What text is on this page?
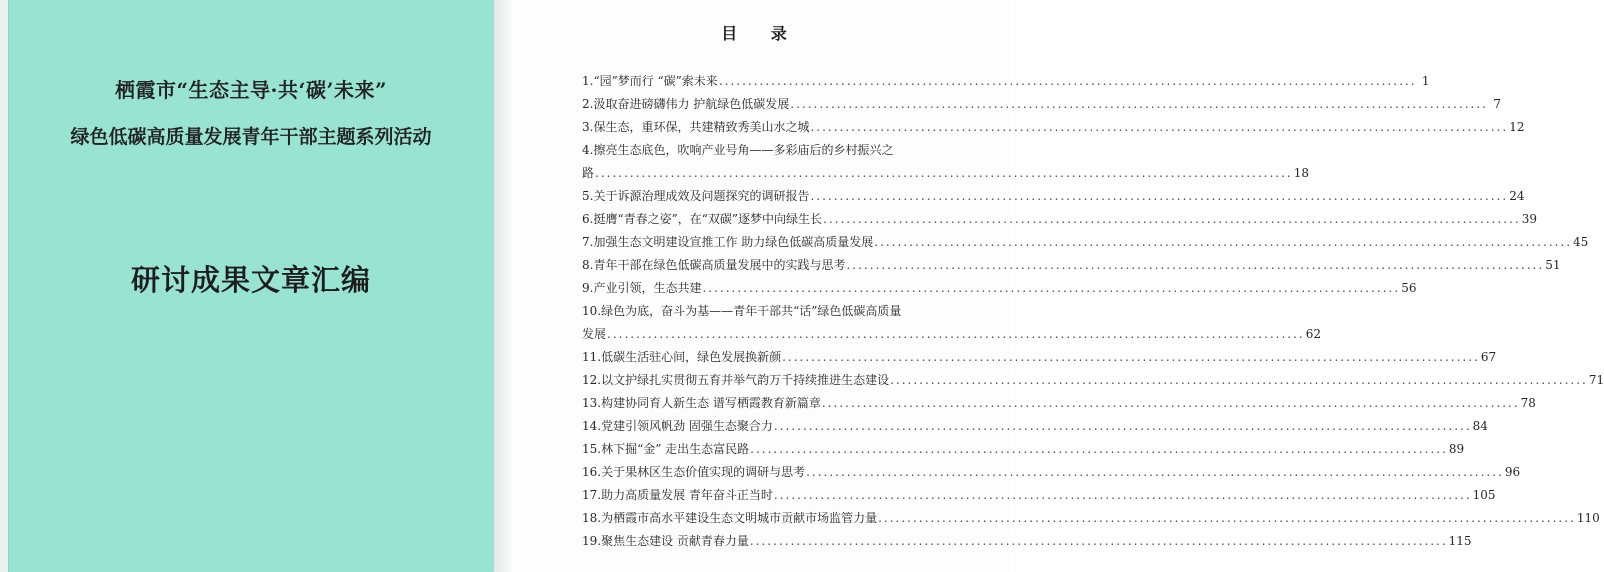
栖霞市“生态主导·共‘碳’未来”
绿色低碳高质量发展青年干部主题系列活动
研讨成果文章汇编
目 录
1.“园”梦而行 “碳”索未来 ........................................................................................................................ 1
2.汲取奋进磅礴伟力 护航绿色低碳发展 ........................................................................................................................ 7
3.保生态，重环保，共建精致秀美山水之城 ........................................................................................................................ 12
4.擦亮生态底色，吹响产业号角——多彩庙后的乡村振兴之
路 ........................................................................................................................ 18
5.关于诉源治理成效及问题探究的调研报告 ........................................................................................................................ 24
6.挺膺“青春之姿”，在“双碳”逐梦中向绿生长 ........................................................................................................................ 39
7.加强生态文明建设宣推工作 助力绿色低碳高质量发展 ........................................................................................................................ 45
8.青年干部在绿色低碳高质量发展中的实践与思考 ........................................................................................................................ 51
9.产业引领，生态共建 ........................................................................................................................ 56
10.绿色为底，奋斗为基——青年干部共“话”绿色低碳高质量
发展 ........................................................................................................................ 62
11.低碳生活驻心间，绿色发展换新颜 ........................................................................................................................ 67
12.以文护绿扎实贯彻五育并举气韵万千持续推进生态建设 ........................................................................................................................ 71
13.构建协同育人新生态 谱写栖霞教育新篇章 ........................................................................................................................ 78
14.党建引领风帆劲 固强生态聚合力 ........................................................................................................................ 84
15.林下掘“金” 走出生态富民路 ........................................................................................................................ 89
16.关于果林区生态价值实现的调研与思考 ........................................................................................................................ 96
17.助力高质量发展 青年奋斗正当时 ........................................................................................................................ 105
18.为栖霞市高水平建设生态文明城市贡献市场监管力量 ........................................................................................................................ 110
19.聚焦生态建设 贡献青春力量 ........................................................................................................................ 115
